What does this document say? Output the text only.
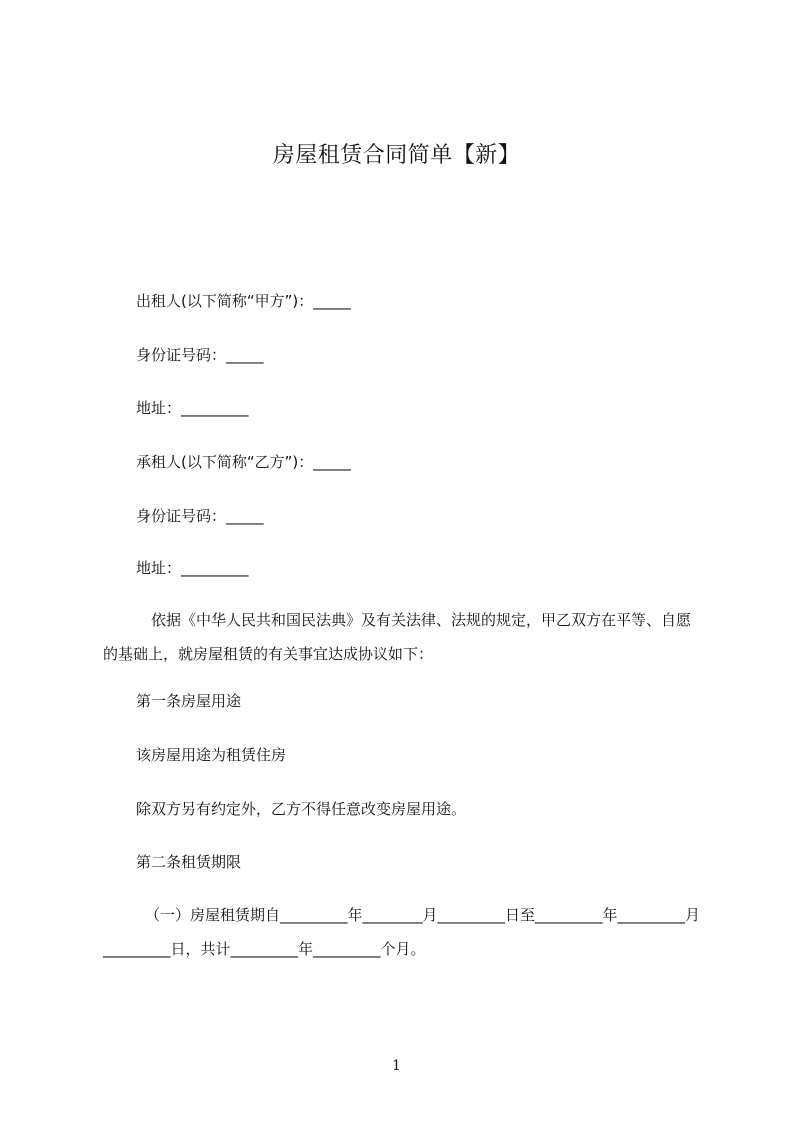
房屋租赁合同简单【新】
出租人(以下简称“甲方”)：_____
身份证号码：_____
地址：_________
承租人(以下简称“乙方”)：_____
身份证号码：_____
地址：_________
依据《中华人民共和国民法典》及有关法律、法规的规定，甲乙双方在平等、自愿的基础上，就房屋租赁的有关事宜达成协议如下：
第一条房屋用途
该房屋用途为租赁住房
除双方另有约定外，乙方不得任意改变房屋用途。
第二条租赁期限
（一）房屋租赁期自_________年________月_________日至_________年_________月_________日，共计_________年_________个月。
1
